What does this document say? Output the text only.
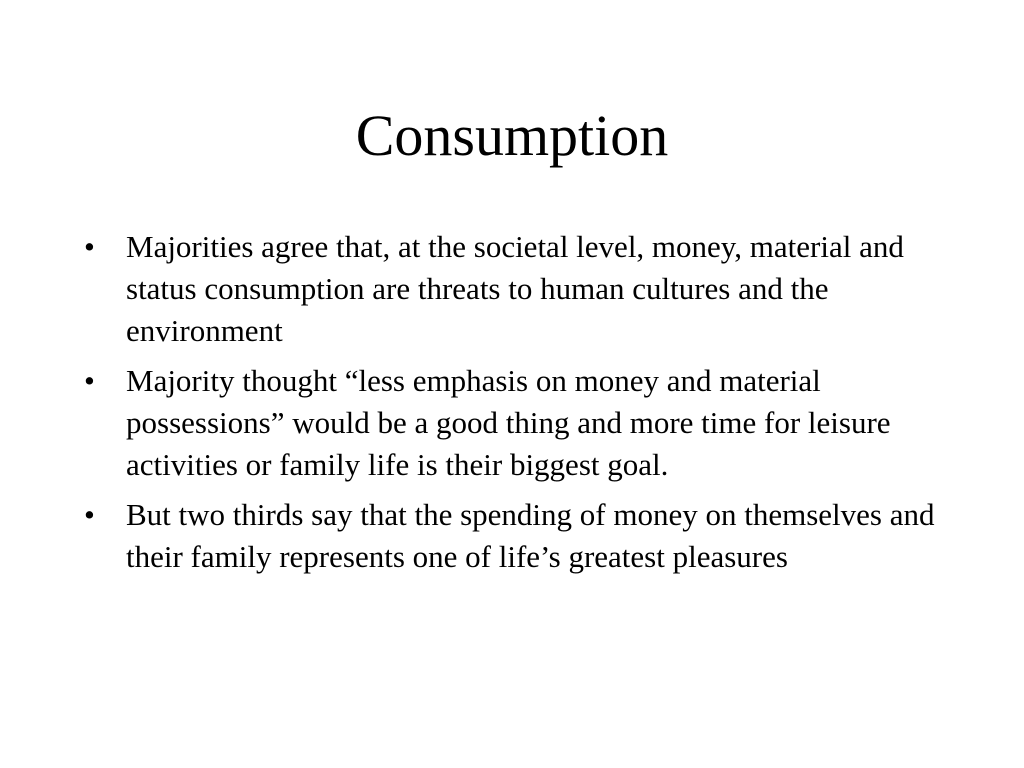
Consumption
•	Majorities agree that, at the societal level, money, material and status consumption are threats to human cultures and the environment
•	Majority thought “less emphasis on money and material possessions” would be a good thing and more time for leisure activities or family life is their biggest goal.
•	But two thirds say that the spending of money on themselves and their family represents one of life’s greatest pleasures
